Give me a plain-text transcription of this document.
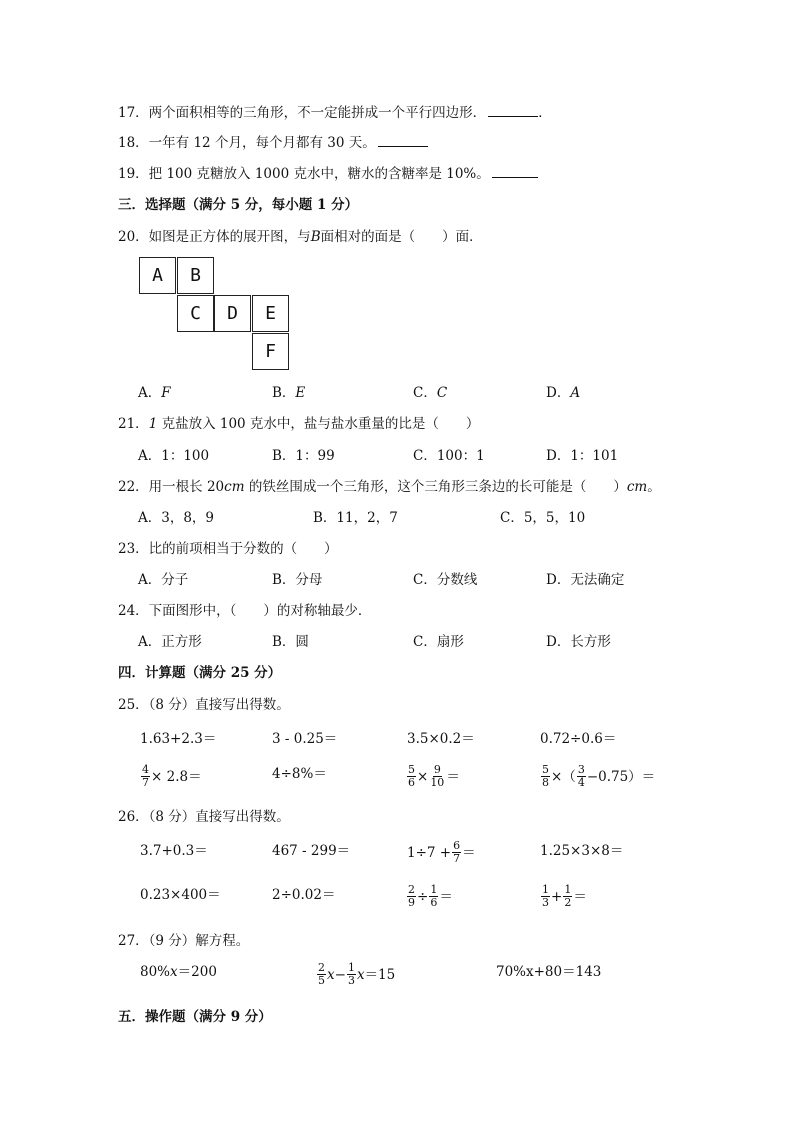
17．两个面积相等的三角形，不一定能拼成一个平行四边形．	．
18．一年有 12 个月，每个月都有 30 天。
19．把 100 克糖放入 1000 克水中，糖水的含糖率是 10%。
三．选择题（满分 5 分，每小题 1 分）
20．如图是正方体的展开图，与B面相对的面是（　　）面．
A	B
C	D	E
F
A．F	B．E	C．C	D．A
21．1 克盐放入 100 克水中，盐与盐水重量的比是（　　）
A．1：100	B．1：99	C．100：1	D．1：101
22．用一根长 20cm 的铁丝围成一个三角形，这个三角形三条边的长可能是（　　）cm。
A．3，8，9	B．11，2，7	C．5，5，10
23．比的前项相当于分数的（　　）
A．分子	B．分母	C．分数线	D．无法确定
24．下面图形中，（　　）的对称轴最少．
A．正方形	B．圆	C．扇形	D．长方形
四．计算题（满分 25 分）
25．（8 分）直接写出得数。
1.63+2.3＝	3 - 0.25＝	3.5×0.2＝	0.72÷0.6＝
$\frac{4}{7} \times 2.8=$	4÷8%＝	$\frac{5}{6} \times \frac{9}{10}$ ＝	$\frac{5}{8}$ ×（ $\frac{3}{4} -0.75)=$
26．（8 分）直接写出得数。
3.7+0.3＝	467 - 299＝	$1\div 7 + \frac{6}{7}$ ＝	1.25×3×8＝
0.23×400＝	2÷0.02＝	$\frac{2}{9} \div \frac{1}{6}$ ＝	$\frac{1}{3} + \frac{1}{2}$ ＝
27．（9 分）解方程。
80%x＝200	$\frac{2}{5}$ $x - \frac{1}{3}$ x ＝15	70%x+80＝143
五．操作题（满分 9 分）
